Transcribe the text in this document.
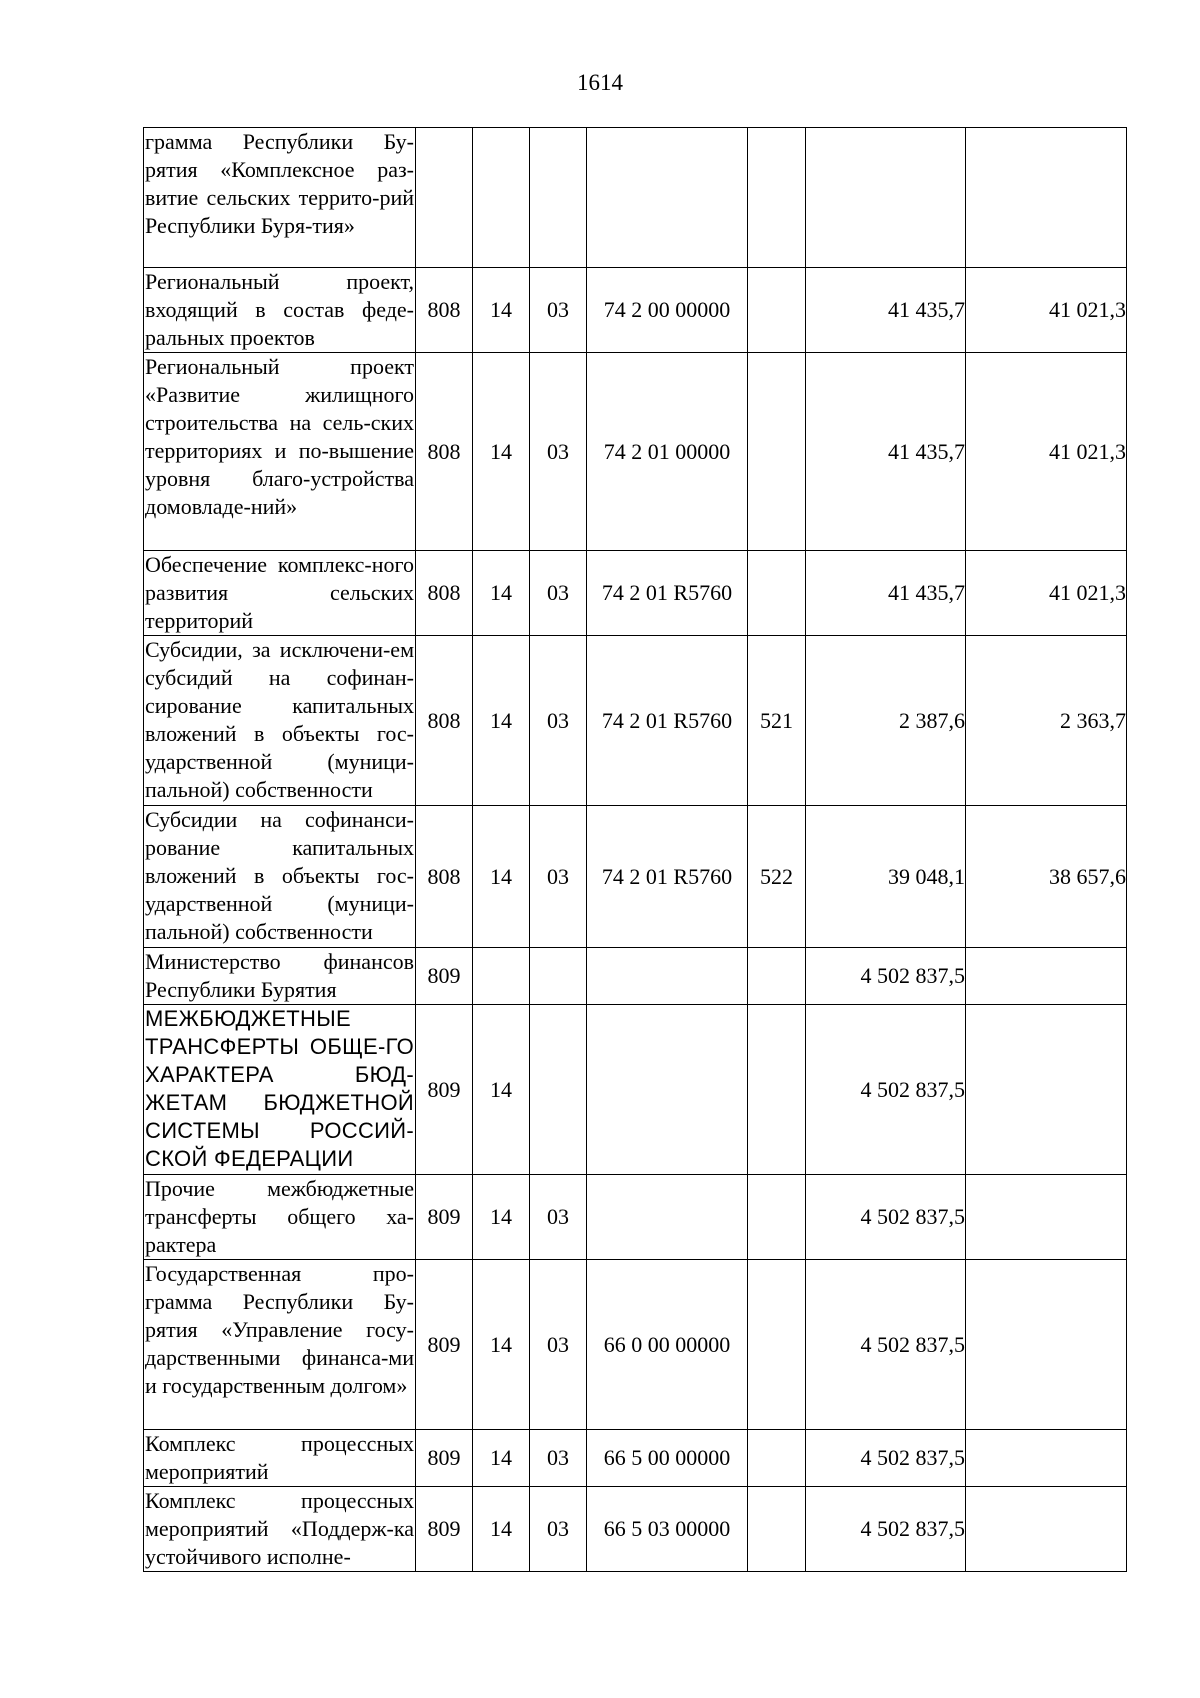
1614
грамма Республики Бу-рятия «Комплексное раз-витие сельских террито-рий Республики Буря-тия»							
Региональный проект, входящий в состав феде-ральных проектов	808	14	03	74 2 00 00000		41 435,7	41 021,3
Региональный проект «Развитие жилищного строительства на сель-ских территориях и по-вышение уровня благо-устройства домовладе-ний»	808	14	03	74 2 01 00000		41 435,7	41 021,3
Обеспечение комплекс-ного развития сельских территорий	808	14	03	74 2 01 R5760		41 435,7	41 021,3
Субсидии, за исключени-ем субсидий на софинан-сирование капитальных вложений в объекты гос-ударственной (муници-пальной) собственности	808	14	03	74 2 01 R5760	521	2 387,6	2 363,7
Субсидии на софинанси-рование капитальных вложений в объекты гос-ударственной (муници-пальной) собственности	808	14	03	74 2 01 R5760	522	39 048,1	38 657,6
Министерство финансов Республики Бурятия	809					4 502 837,5	
МЕЖБЮДЖЕТНЫЕ ТРАНСФЕРТЫ ОБЩЕ-ГО ХАРАКТЕРА БЮД-ЖЕТАМ БЮДЖЕТНОЙ СИСТЕМЫ РОССИЙ-СКОЙ ФЕДЕРАЦИИ	809	14				4 502 837,5	
Прочие межбюджетные трансферты общего ха-рактера	809	14	03			4 502 837,5	
Государственная про-грамма Республики Бу-рятия «Управление госу-дарственными финанса-ми и государственным долгом»	809	14	03	66 0 00 00000		4 502 837,5	
Комплекс процессных мероприятий	809	14	03	66 5 00 00000		4 502 837,5	
Комплекс процессных мероприятий «Поддерж-ка устойчивого исполне-	809	14	03	66 5 03 00000		4 502 837,5	
